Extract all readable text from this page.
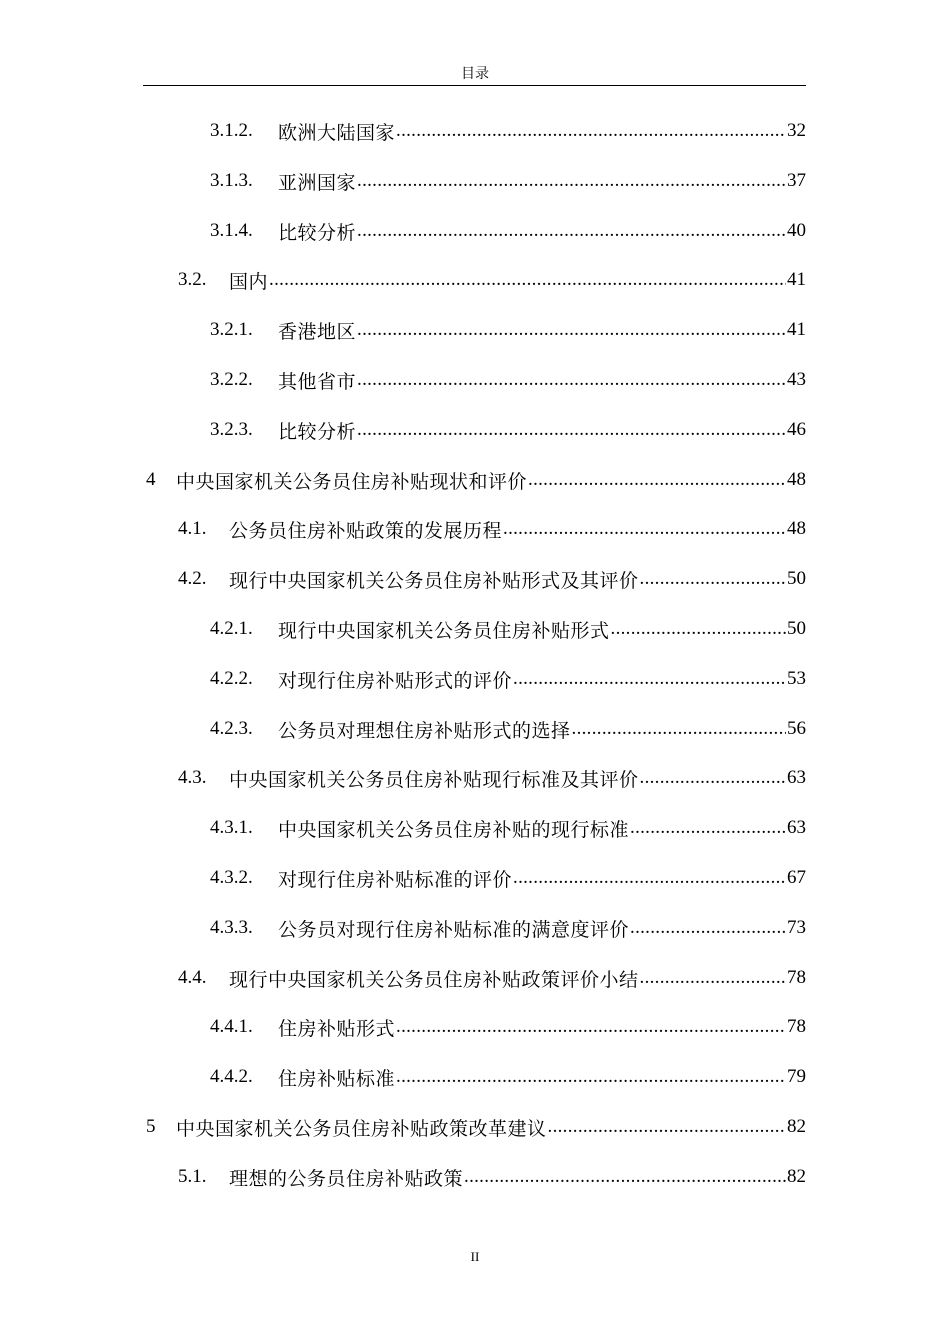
目录
3.1.2.	欧洲大陆国家 .....	32
3.1.3.	亚洲国家 .....	37
3.1.4.	比较分析 .....	40
3.2.	国内 .....	41
3.2.1.	香港地区 .....	41
3.2.2.	其他省市 .....	43
3.2.3.	比较分析 .....	46
4	中央国家机关公务员住房补贴现状和评价 .....	48
4.1.	公务员住房补贴政策的发展历程 .....	48
4.2.	现行中央国家机关公务员住房补贴形式及其评价 .....	50
4.2.1.	现行中央国家机关公务员住房补贴形式 .....	50
4.2.2.	对现行住房补贴形式的评价 .....	53
4.2.3.	公务员对理想住房补贴形式的选择 .....	56
4.3.	中央国家机关公务员住房补贴现行标准及其评价 .....	63
4.3.1.	中央国家机关公务员住房补贴的现行标准 .....	63
4.3.2.	对现行住房补贴标准的评价 .....	67
4.3.3.	公务员对现行住房补贴标准的满意度评价 .....	73
4.4.	现行中央国家机关公务员住房补贴政策评价小结 .....	78
4.4.1.	住房补贴形式 .....	78
4.4.2.	住房补贴标准 .....	79
5	中央国家机关公务员住房补贴政策改革建议 .....	82
5.1.	理想的公务员住房补贴政策 .....	82
II
